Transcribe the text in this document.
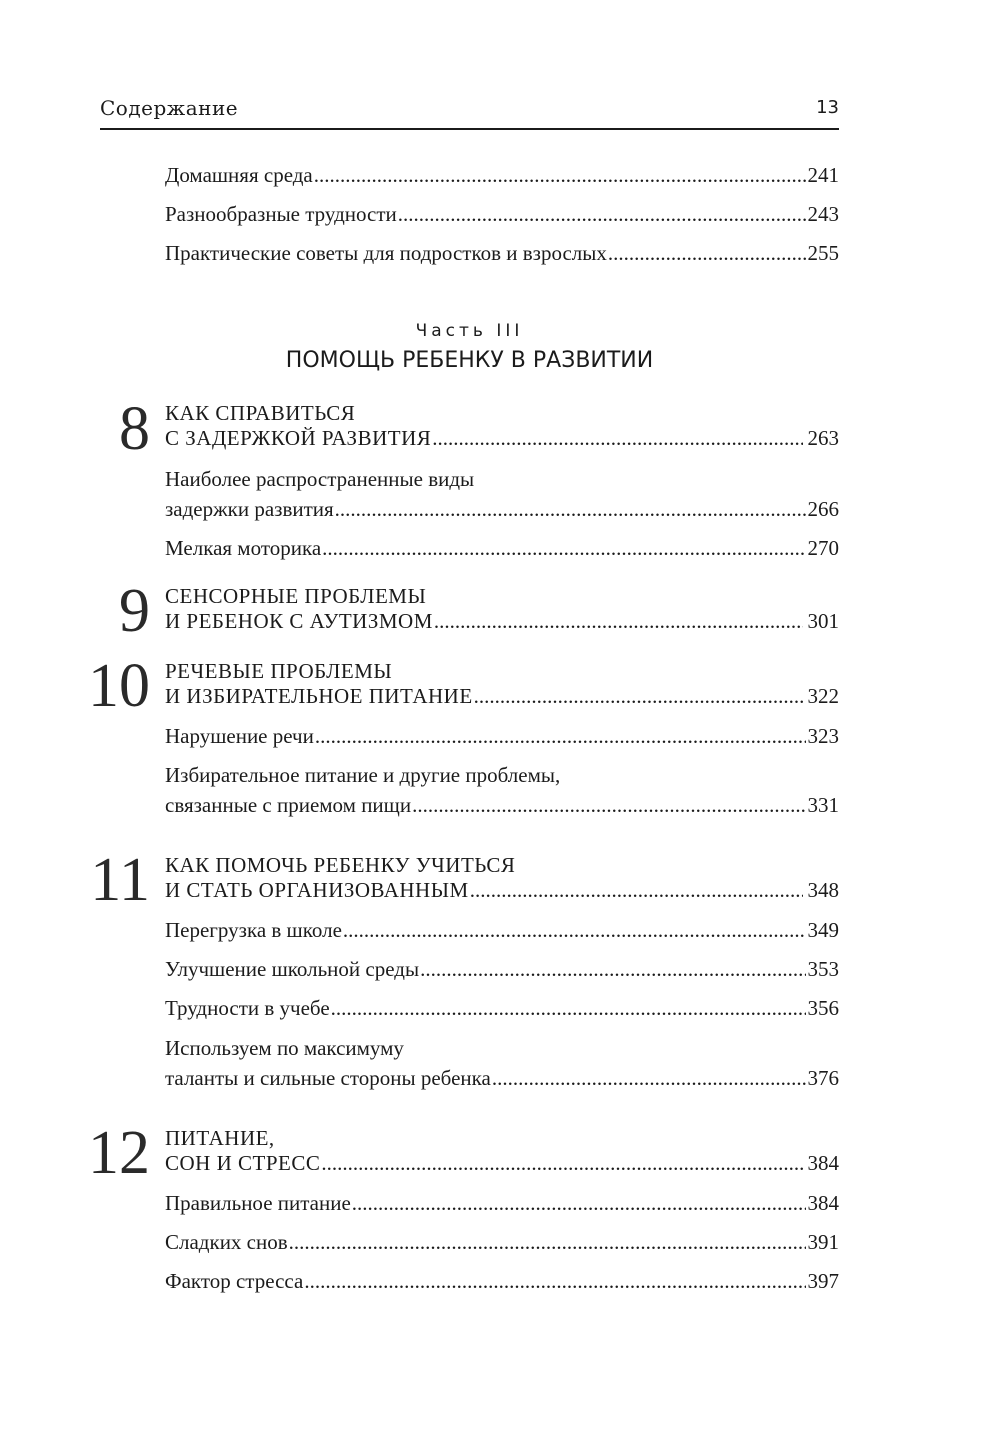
Содержание	13
Домашняя среда .....	241
Разнообразные трудности .....	243
Практические советы для подростков и взрослых .....	255
Часть III
ПОМОЩЬ РЕБЕНКУ В РАЗВИТИИ
8 КАК СПРАВИТЬСЯ
С ЗАДЕРЖКОЙ РАЗВИТИЯ .....	263
Наиболее распространенные виды
задержки развития .....	266
Мелкая моторика .....	270
9 СЕНСОРНЫЕ ПРОБЛЕМЫ
И РЕБЕНОК С АУТИЗМОМ .....	301
10 РЕЧЕВЫЕ ПРОБЛЕМЫ
И ИЗБИРАТЕЛЬНОЕ ПИТАНИЕ .....	322
Нарушение речи .....	323
Избирательное питание и другие проблемы,
связанные с приемом пищи .....	331
11 КАК ПОМОЧЬ РЕБЕНКУ УЧИТЬСЯ
И СТАТЬ ОРГАНИЗОВАННЫМ .....	348
Перегрузка в школе .....	349
Улучшение школьной среды .....	353
Трудности в учебе .....	356
Используем по максимуму
таланты и сильные стороны ребенка .....	376
12 ПИТАНИЕ,
СОН И СТРЕСС .....	384
Правильное питание .....	384
Сладких снов .....	391
Фактор стресса .....	397
